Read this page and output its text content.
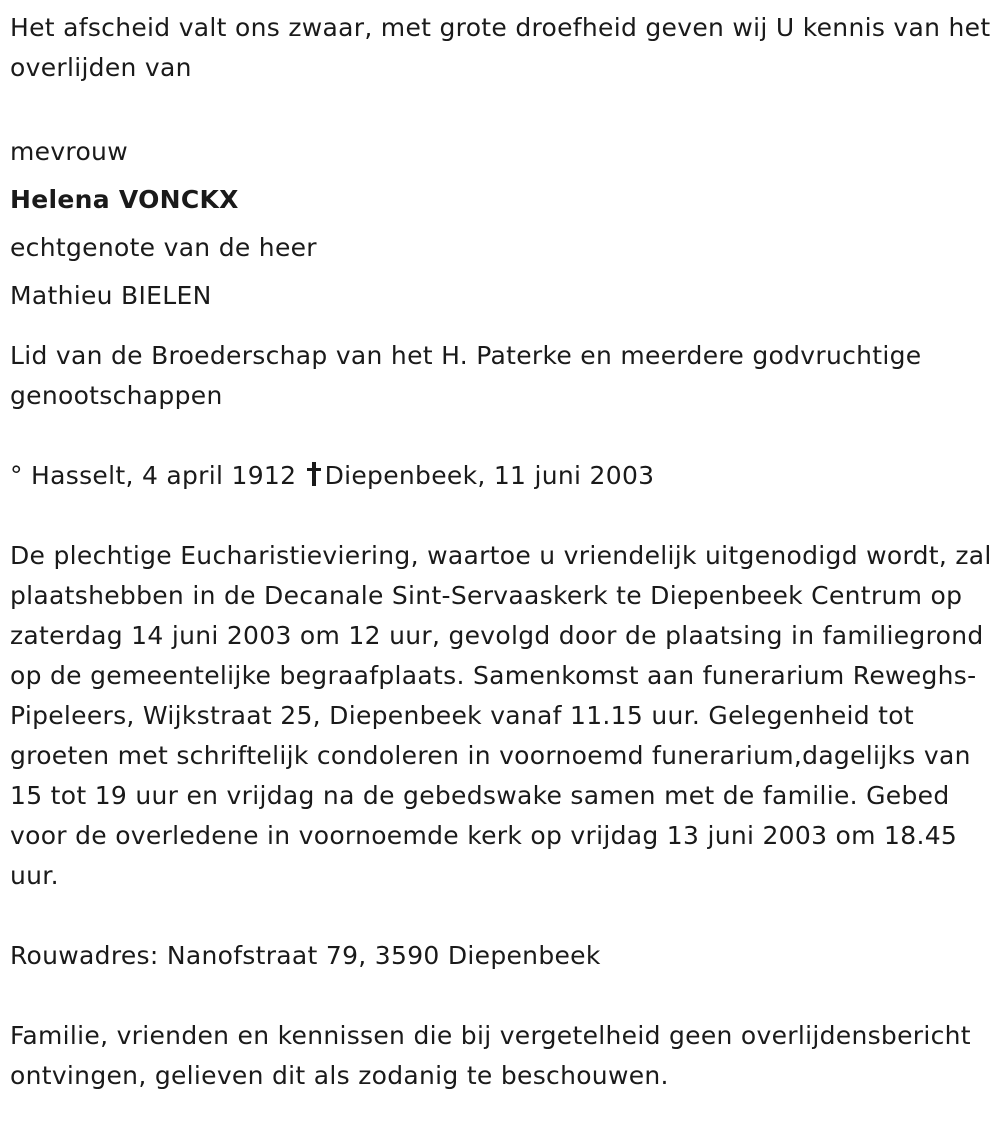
Het afscheid valt ons zwaar, met grote droefheid geven wij U kennis van het overlijden van

mevrouw

Helena VONCKX

echtgenote van de heer

Mathieu BIELEN

Lid van de Broederschap van het H. Paterke en meerdere godvruchtige genootschappen

° Hasselt, 4 april 1912 Diepenbeek, 11 juni 2003

De plechtige Eucharistieviering, waartoe u vriendelijk uitgenodigd wordt, zal plaatshebben in de Decanale Sint-Servaaskerk te Diepenbeek Centrum op zaterdag 14 juni 2003 om 12 uur, gevolgd door de plaatsing in familiegrond op de gemeentelijke begraafplaats. Samenkomst aan funerarium Reweghs-Pipeleers, Wijkstraat 25, Diepenbeek vanaf 11.15 uur. Gelegenheid tot groeten met schriftelijk condoleren in voornoemd funerarium,dagelijks van 15 tot 19 uur en vrijdag na de gebedswake samen met de familie. Gebed voor de overledene in voornoemde kerk op vrijdag 13 juni 2003 om 18.45 uur.

Rouwadres: Nanofstraat 79, 3590 Diepenbeek

Familie, vrienden en kennissen die bij vergetelheid geen overlijdensbericht ontvingen, gelieven dit als zodanig te beschouwen.
